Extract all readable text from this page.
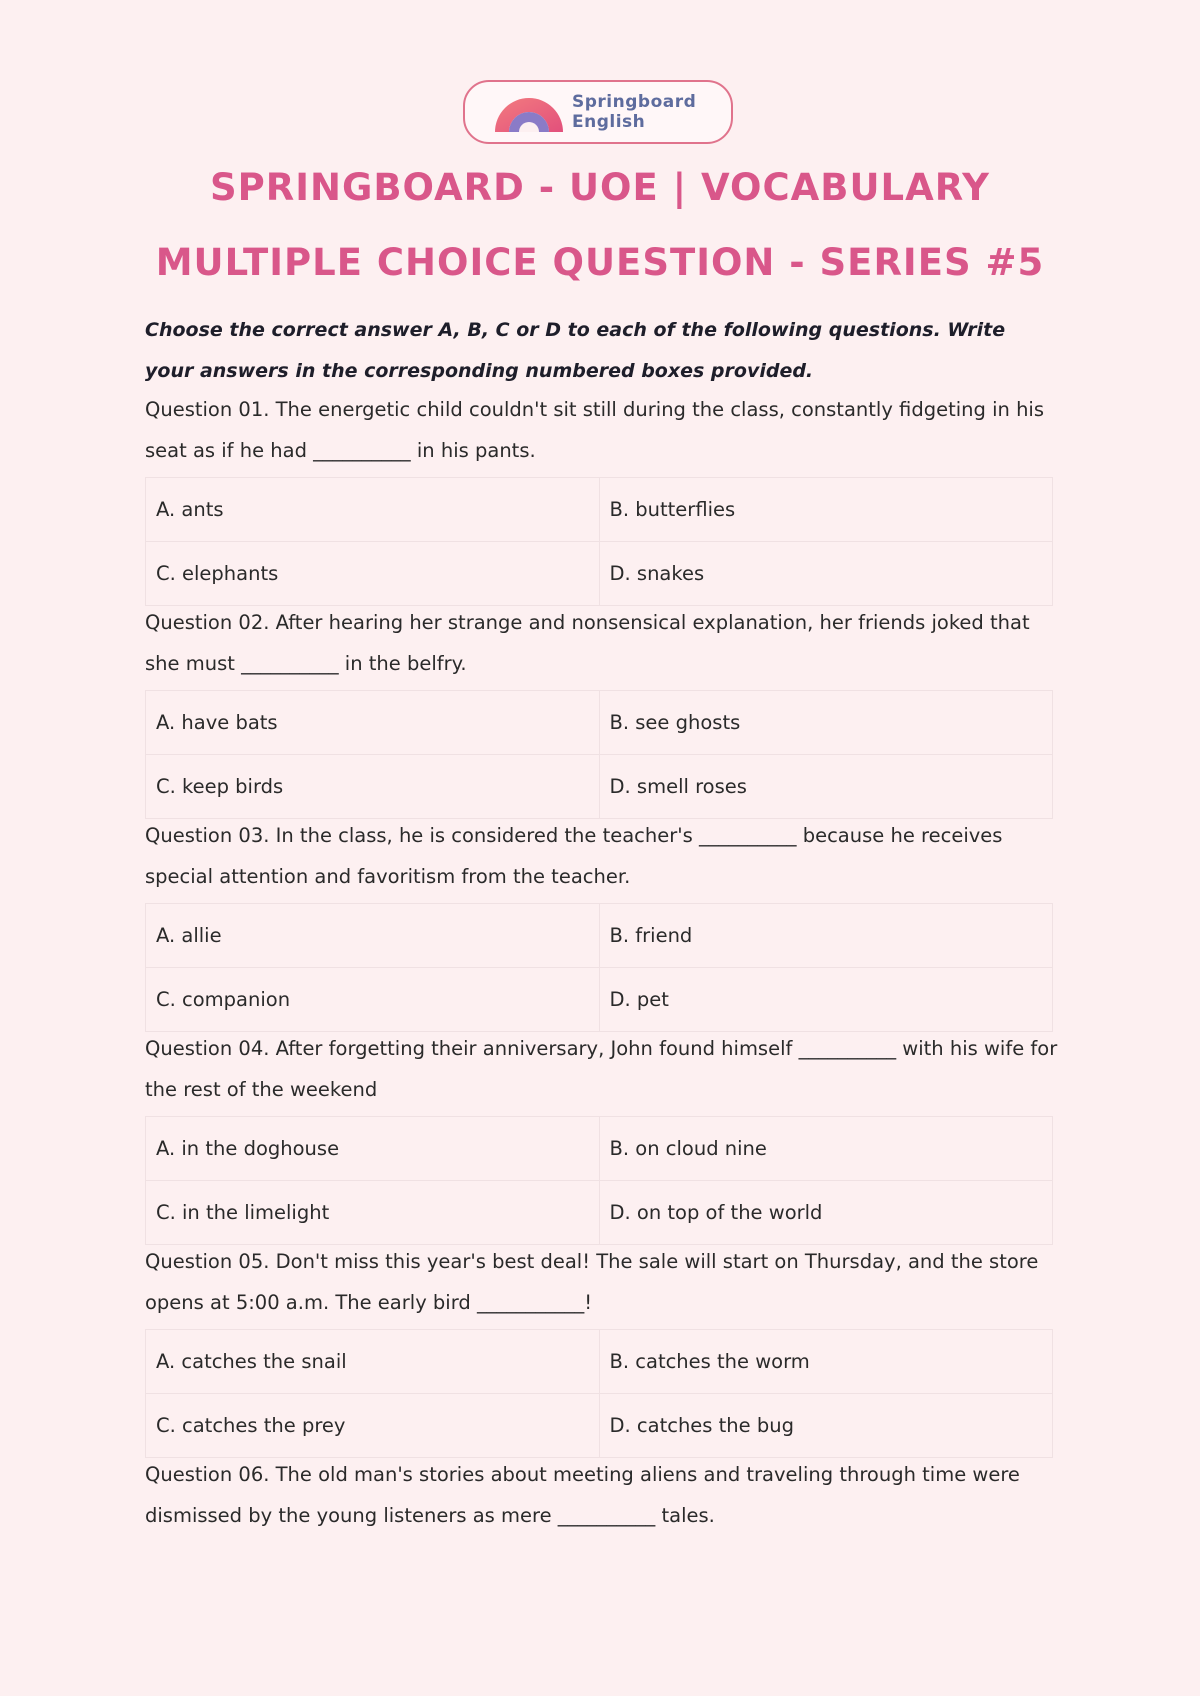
Springboard
English
SPRINGBOARD - UOE | VOCABULARY
MULTIPLE CHOICE QUESTION - SERIES #5

Choose the correct answer A, B, C or D to each of the following questions. Write your answers in the corresponding numbered boxes provided.

Question 01. The energetic child couldn't sit still during the class, constantly fidgeting in his seat as if he had __________ in his pants.

A. ants	B. butterflies
C. elephants	D. snakes

Question 02. After hearing her strange and nonsensical explanation, her friends joked that she must __________ in the belfry.

A. have bats	B. see ghosts
C. keep birds	D. smell roses

Question 03. In the class, he is considered the teacher's __________ because he receives special attention and favoritism from the teacher.

A. allie	B. friend
C. companion	D. pet

Question 04. After forgetting their anniversary, John found himself __________ with his wife for the rest of the weekend

A. in the doghouse	B. on cloud nine
C. in the limelight	D. on top of the world

Question 05. Don't miss this year's best deal! The sale will start on Thursday, and the store opens at 5:00 a.m. The early bird ___________!

A. catches the snail	B. catches the worm
C. catches the prey	D. catches the bug

Question 06. The old man's stories about meeting aliens and traveling through time were dismissed by the young listeners as mere __________ tales.
